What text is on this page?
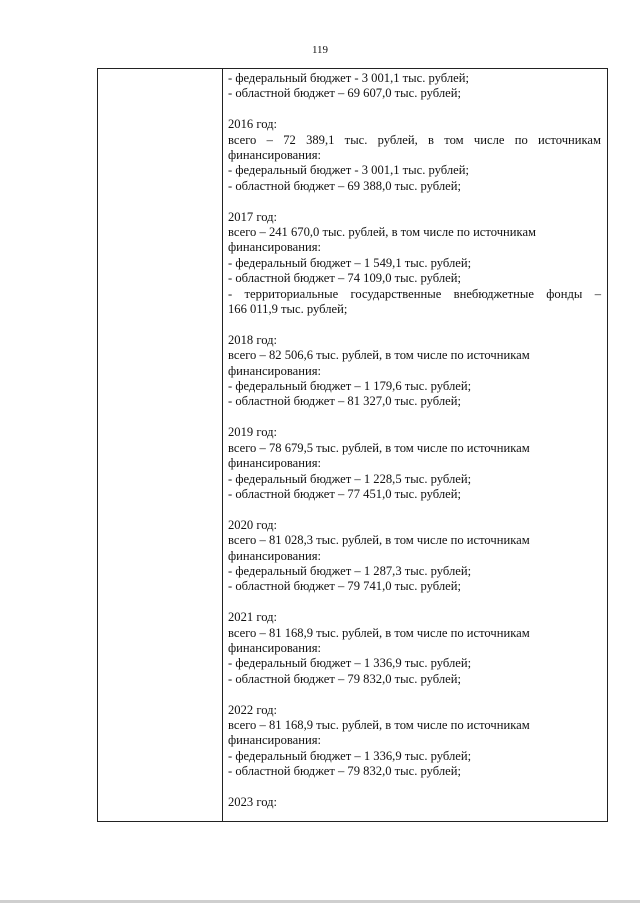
119
- федеральный бюджет - 3 001,1 тыс. рублей;
- областной бюджет – 69 607,0 тыс. рублей;
2016 год:
всего – 72 389,1 тыс. рублей, в том числе по источникам
финансирования:
- федеральный бюджет - 3 001,1 тыс. рублей;
- областной бюджет – 69 388,0 тыс. рублей;
2017 год:
всего – 241 670,0 тыс. рублей, в том числе по источникам
финансирования:
- федеральный бюджет – 1 549,1 тыс. рублей;
- областной бюджет – 74 109,0 тыс. рублей;
- территориальные государственные внебюджетные фонды –
166 011,9 тыс. рублей;
2018 год:
всего – 82 506,6 тыс. рублей, в том числе по источникам
финансирования:
- федеральный бюджет – 1 179,6 тыс. рублей;
- областной бюджет – 81 327,0 тыс. рублей;
2019 год:
всего – 78 679,5 тыс. рублей, в том числе по источникам
финансирования:
- федеральный бюджет – 1 228,5 тыс. рублей;
- областной бюджет – 77 451,0 тыс. рублей;
2020 год:
всего – 81 028,3 тыс. рублей, в том числе по источникам
финансирования:
- федеральный бюджет – 1 287,3 тыс. рублей;
- областной бюджет – 79 741,0 тыс. рублей;
2021 год:
всего – 81 168,9 тыс. рублей, в том числе по источникам
финансирования:
- федеральный бюджет – 1 336,9 тыс. рублей;
- областной бюджет – 79 832,0 тыс. рублей;
2022 год:
всего – 81 168,9 тыс. рублей, в том числе по источникам
финансирования:
- федеральный бюджет – 1 336,9 тыс. рублей;
- областной бюджет – 79 832,0 тыс. рублей;
2023 год:
